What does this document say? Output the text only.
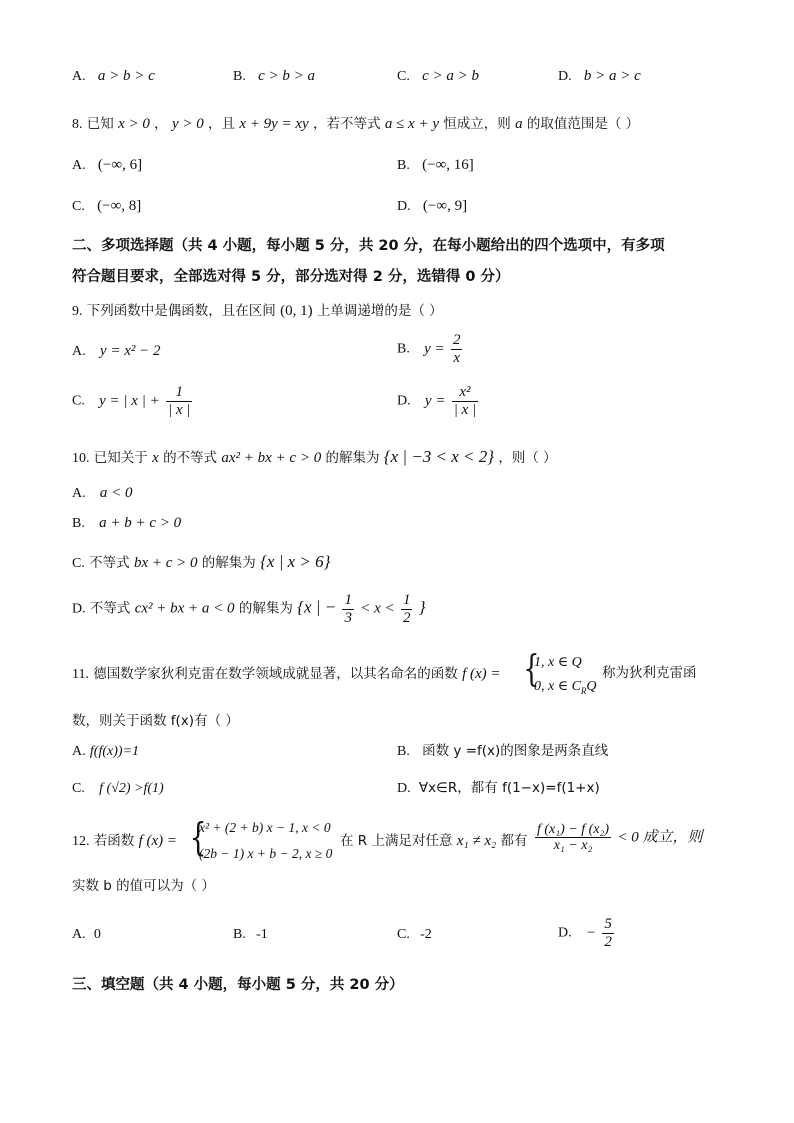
A. a > b > c	B. c > b > a	C. c > a > b	D. b > a > c
8. 已知 x > 0 ， y > 0 ，且 x + 9y = xy ，若不等式 a ≤ x + y 恒成立，则 a 的取值范围是（ ）
A. (−∞, 6]	B. (−∞, 16]
C. (−∞, 8]	D. (−∞, 9]
二、多项选择题（共 4 小题，每小题 5 分，共 20 分，在每小题给出的四个选项中，有多项
符合题目要求，全部选对得 5 分，部分选对得 2 分，选错得 0 分）
9. 下列函数中是偶函数，且在区间 (0, 1) 上单调递增的是（ ）
A. y = x² − 2	B. $y = \frac{2}{x}$
C. y = | x | + $\frac{1}{| x |}$	D. $y = \frac{\text{x²}}{| x |}$
10. 已知关于 x 的不等式 ax² + bx + c > 0 的解集为 {x | −3 < x < 2} ，则（ ）
A. a < 0
B. a + b + c > 0
C. 不等式 bx + c > 0 的解集为 {x | x > 6}
D. 不等式 cx² + bx + a < 0 的解集为 {x | − $\frac{1}{3} < x < \frac{1}{2}$ }
11. 德国数学家狄利克雷在数学领域成就显著，以其名命名的函数 f (x) = {
1, x ∈ Q
0, x ∈ $C_RQ$
称为狄利克雷函
数，则关于函数 f(x)有（ ）
A. f(f(x))=1	B. 函数 y =f(x)的图象是两条直线
C. f (√2) >f(1)	D. ∀x∈R，都有 f(1−x)=f(1+x)
12. 若函数 f (x) = {
x² + (2 + b) x − 1, x < 0
(2b − 1) x + b − 2, x ≥ 0
在 R 上满足对任意 x₁ ≠ x₂ 都有 $\frac{\text{f (x₁) − f (x₂)}}{\text{x₁ − x₂}} < 0$ 成立，则
实数 b 的值可以为（ ）
A. 0	B. -1	C. -2	D. − $\frac{5}{2}$
三、填空题（共 4 小题，每小题 5 分，共 20 分）
